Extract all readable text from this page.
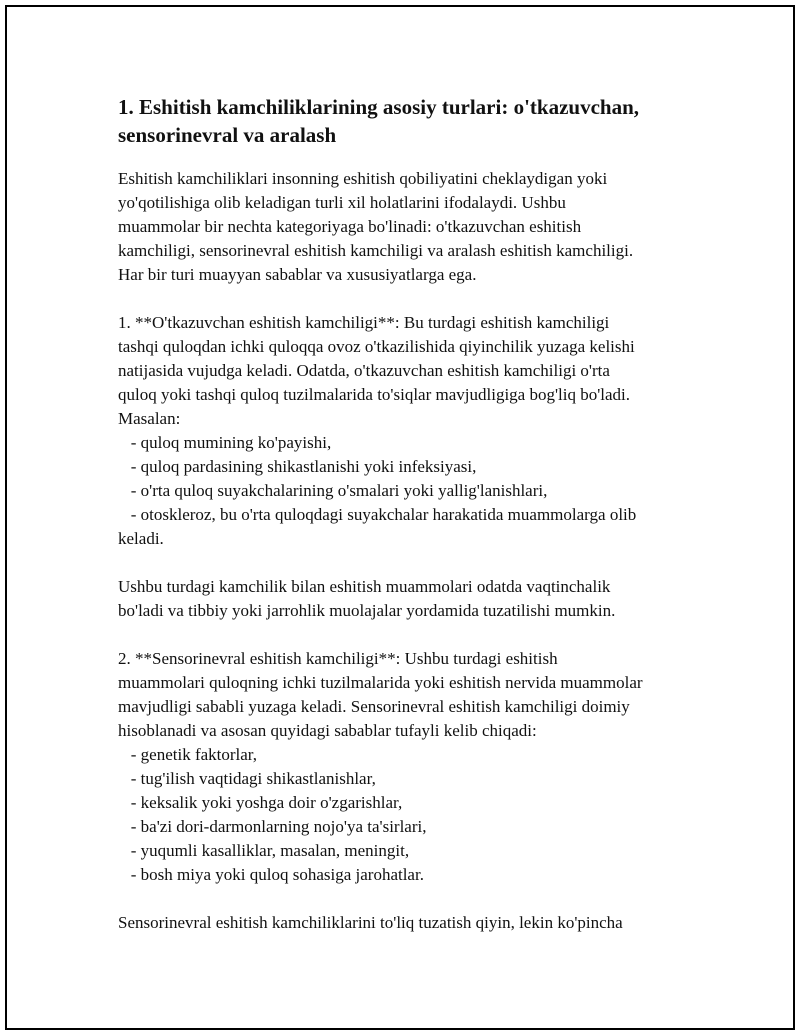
1. Eshitish kamchiliklarining asosiy turlari: o'tkazuvchan,
sensorinevral va aralash
Eshitish kamchiliklari insonning eshitish qobiliyatini cheklaydigan yoki
yo'qotilishiga olib keladigan turli xil holatlarini ifodalaydi. Ushbu
muammolar bir nechta kategoriyaga bo'linadi: o'tkazuvchan eshitish
kamchiligi, sensorinevral eshitish kamchiligi va aralash eshitish kamchiligi.
Har bir turi muayyan sabablar va xususiyatlarga ega.

1. **O'tkazuvchan eshitish kamchiligi**: Bu turdagi eshitish kamchiligi
tashqi quloqdan ichki quloqqa ovoz o'tkazilishida qiyinchilik yuzaga kelishi
natijasida vujudga keladi. Odatda, o'tkazuvchan eshitish kamchiligi o'rta
quloq yoki tashqi quloq tuzilmalarida to'siqlar mavjudligiga bog'liq bo'ladi.
Masalan:
- quloq mumining ko'payishi,
- quloq pardasining shikastlanishi yoki infeksiyasi,
- o'rta quloq suyakchalarining o'smalari yoki yallig'lanishlari,
- otoskleroz, bu o'rta quloqdagi suyakchalar harakatida muammolarga olib
keladi.

Ushbu turdagi kamchilik bilan eshitish muammolari odatda vaqtinchalik
bo'ladi va tibbiy yoki jarrohlik muolajalar yordamida tuzatilishi mumkin.

2. **Sensorinevral eshitish kamchiligi**: Ushbu turdagi eshitish
muammolari quloqning ichki tuzilmalarida yoki eshitish nervida muammolar
mavjudligi sababli yuzaga keladi. Sensorinevral eshitish kamchiligi doimiy
hisoblanadi va asosan quyidagi sabablar tufayli kelib chiqadi:
- genetik faktorlar,
- tug'ilish vaqtidagi shikastlanishlar,
- keksalik yoki yoshga doir o'zgarishlar,
- ba'zi dori-darmonlarning nojo'ya ta'sirlari,
- yuqumli kasalliklar, masalan, meningit,
- bosh miya yoki quloq sohasiga jarohatlar.

Sensorinevral eshitish kamchiliklarini to'liq tuzatish qiyin, lekin ko'pincha
